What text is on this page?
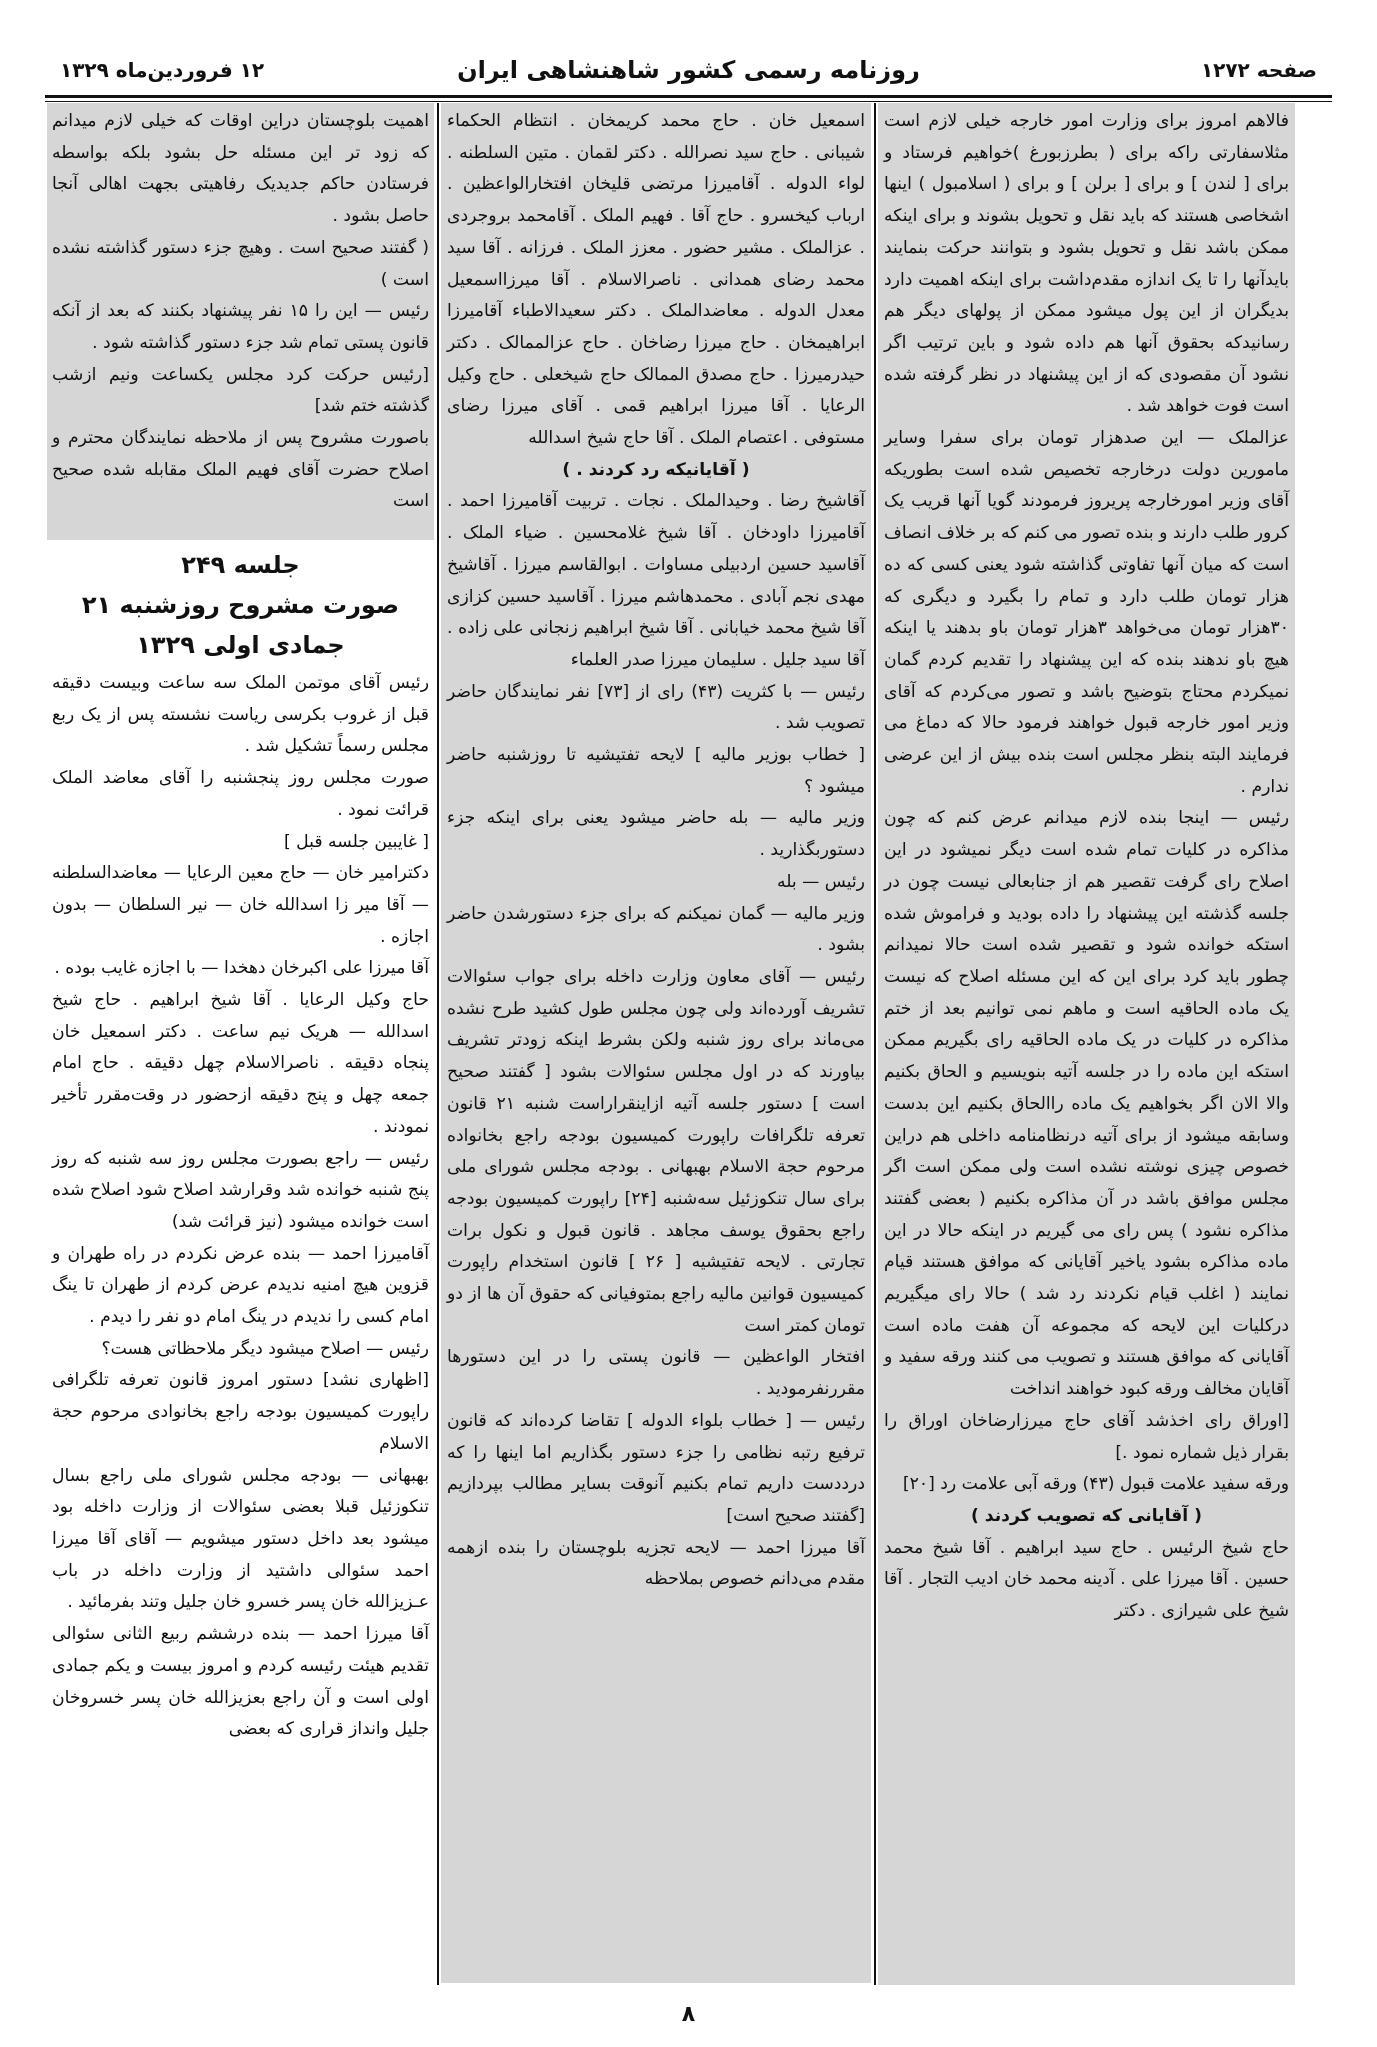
صفحه ۱۲۷۲
روزنامه رسمی کشور شاهنشاهی ایران
۱۲ فروردین‌ماه ۱۳۲۹

فالاهم امروز برای وزارت امور خارجه خیلی لازم است مثلاسفارتی راکه برای ( بطرزبورغ )خواهیم فرستاد و برای [ لندن ] و برای [ برلن ] و برای ( اسلامبول ) اینها اشخاصی هستند که باید نقل و تحویل بشوند و برای اینکه ممکن باشد نقل و تحویل بشود و بتوانند حرکت بنمایند بایدآنها را تا یک اندازه مقدم‌داشت برای اینکه اهمیت دارد بدیگران از این پول میشود ممکن از پولهای دیگر هم رسانیدکه بحقوق آنها هم داده شود و باین ترتیب اگر نشود آن مقصودی که از این پیشنهاد در نظر گرفته شده است فوت خواهد شد .

عزالملک — این صدهزار تومان برای سفرا وسایر مامورین دولت درخارجه تخصیص شده است بطوریکه آقای وزیر امورخارجه پریروز فرمودند گویا آنها قریب یک کرور طلب دارند و بنده تصور می کنم که بر خلاف انصاف است که میان آنها تفاوتی گذاشته شود یعنی کسی که ده هزار تومان طلب دارد و تمام را بگیرد و دیگری که ۳۰هزار تومان می‌خواهد ۳هزار تومان باو بدهند یا اینکه هیچ باو ندهند بنده که این پیشنهاد را تقدیم کردم گمان نمیکردم محتاج بتوضیح باشد و تصور می‌کردم که آقای وزیر امور خارجه قبول خواهند فرمود حالا که دماغ می فرمایند البته بنظر مجلس است بنده بیش از این عرضی ندارم .

رئیس — اینجا بنده لازم میدانم عرض کنم که چون مذاکره در کلیات تمام شده است دیگر نمیشود در این اصلاح رای گرفت تقصیر هم از جنابعالی نیست چون در جلسه گذشته این پیشنهاد را داده بودید و فراموش شده استکه خوانده شود و تقصیر شده است حالا نمیدانم چطور باید کرد برای این که این مسئله اصلاح که نیست یک ماده الحاقیه است و ماهم نمی توانیم بعد از ختم مذاکره در کلیات در یک ماده الحاقیه رای بگیریم ممکن استکه این ماده را در جلسه آتیه بنویسیم و الحاق بکنیم والا الان اگر بخواهیم یک ماده راالحاق بکنیم این بدست وسابقه میشود از برای آتیه درنظامنامه داخلی هم دراین خصوص چیزی نوشته نشده است ولی ممکن است اگر مجلس موافق باشد در آن مذاکره بکنیم ( بعضی گفتند مذاکره نشود ) پس رای می گیریم در اینکه حالا در این ماده مذاکره بشود یاخیر آقایانی که موافق هستند قیام نمایند ( اغلب قیام نکردند رد شد ) حالا رای میگیریم درکلیات این لایحه که مجموعه آن هفت ماده است آقایانی که موافق هستند و تصویب می کنند ورقه سفید و آقایان مخالف ورقه کبود خواهند انداخت

[اوراق رای اخذشد آقای حاج میرزارضاخان اوراق را بقرار ذیل شماره نمود .]

ورقه سفید علامت قبول (۴۳) ورقه آبی علامت رد [۲۰]

( آقایانی که تصویب کردند )

حاج شیخ الرئیس . حاج سید ابراهیم . آقا شیخ محمد حسین . آقا میرزا علی . آدینه محمد خان ادیب التجار . آقا شیخ علی شیرازی . دکتر

اسمعیل خان . حاج محمد کریمخان . انتظام الحکماء شیبانی . حاج سید نصرالله . دکتر لقمان . متین السلطنه . لواء الدوله . آقامیرزا مرتضی قلیخان افتخارالواعظین . ارباب کیخسرو . حاج آقا . فهیم الملک . آقامحمد بروجردی . عزالملک . مشیر حضور . معزز الملک . فرزانه . آقا سید محمد رضای همدانی . ناصرالاسلام . آقا میرزااسمعیل معدل الدوله . معاضدالملک . دکتر سعیدالاطباء آقامیرزا ابراهیمخان . حاج میرزا رضاخان . حاج عزالممالک . دکتر حیدرمیرزا . حاج مصدق الممالک حاج شیخعلی . حاج وکیل الرعایا . آقا میرزا ابراهیم قمی . آقای میرزا رضای مستوفی . اعتصام الملک . آقا حاج شیخ اسدالله

( آقایانیکه رد کردند . )

آقاشیخ رضا . وحیدالملک . نجات . تربیت آقامیرزا احمد . آقامیرزا داودخان . آقا شیخ غلامحسین . ضیاء الملک . آقاسید حسین اردبیلی مساوات . ابوالقاسم میرزا . آقاشیخ مهدی نجم آبادی . محمدهاشم میرزا . آقاسید حسین کزازی آقا شیخ محمد خیابانی . آقا شیخ ابراهیم زنجانی علی زاده . آقا سید جلیل . سلیمان میرزا صدر العلماء

رئیس — با کثریت (۴۳) رای از [۷۳] نفر نمایندگان حاضر تصویب شد .

[ خطاب بوزیر مالیه ] لایحه تفتیشیه تا روزشنبه حاضر میشود ؟

وزیر مالیه — بله حاضر میشود یعنی برای اینکه جزء دستوربگذارید .

رئیس — بله

وزیر مالیه — گمان نمیکنم که برای جزء دستورشدن حاضر بشود .

رئیس — آقای معاون وزارت داخله برای جواب سئوالات تشریف آورده‌اند ولی چون مجلس طول کشید طرح نشده می‌ماند برای روز شنبه ولکن بشرط اینکه زودتر تشریف بیاورند که در اول مجلس سئوالات بشود [ گفتند صحیح است ] دستور جلسه آتیه ازاینقراراست شنبه ۲۱ قانون تعرفه تلگرافات راپورت کمیسیون بودجه راجع بخانواده مرحوم حجة الاسلام بهبهانی . بودجه مجلس شورای ملی برای سال تنکوزئیل سه‌شنبه [۲۴] راپورت کمیسیون بودجه راجع بحقوق یوسف مجاهد . قانون قبول و نکول برات تجارتی . لایحه تفتیشیه [ ۲۶ ] قانون استخدام راپورت کمیسیون قوانین مالیه راجع بمتوفیانی که حقوق آن ها از دو تومان کمتر است

افتخار الواعظین — قانون پستی را در این دستورها مقررنفرمودید .

رئیس — [ خطاب بلواء الدوله ] تقاضا کرده‌اند که قانون ترفیع رتبه نظامی را جزء دستور بگذاریم اما اینها را که درددست داریم تمام بکنیم آنوقت بسایر مطالب بپردازیم [گفتند صحیح است]

آقا میرزا احمد — لایحه تجزیه بلوچستان را بنده ازهمه مقدم می‌دانم خصوص بملاحظه

اهمیت بلوچستان دراین اوقات که خیلی لازم میدانم که زود تر این مسئله حل بشود بلکه بواسطه فرستادن حاکم جدیدیک رفاهیتی بجهت اهالی آنجا حاصل بشود .

( گفتند صحیح است . وهیچ جزء دستور گذاشته نشده است )

رئیس — این را ۱۵ نفر پیشنهاد بکنند که بعد از آنکه قانون پستی تمام شد جزء دستور گذاشته شود .

[رئیس حرکت کرد مجلس یکساعت ونیم ازشب گذشته ختم شد]

باصورت مشروح پس از ملاحظه نمایندگان محترم و اصلاح حضرت آقای فهیم الملک مقابله شده صحیح است

جلسه ۲۴۹
صورت مشروح روزشنبه ۲۱
جمادی اولی ۱۳۲۹

رئیس آقای موتمن الملک سه ساعت وبیست دقیقه قبل از غروب بکرسی ریاست نشسته پس از یک ربع مجلس رسماً تشکیل شد .

صورت مجلس روز پنجشنبه را آقای معاضد الملک قرائت نمود .

[ غایبین جلسه قبل ]

دکترامیر خان — حاج معین الرعایا — معاضدالسلطنه — آقا میر زا اسدالله خان — نیر السلطان — بدون اجازه .

آقا میرزا علی اکبرخان دهخدا — با اجازه غایب بوده .

حاج وکیل الرعایا . آقا شیخ ابراهیم . حاج شیخ اسدالله — هریک نیم ساعت . دکتر اسمعیل خان پنجاه دقیقه . ناصرالاسلام چهل دقیقه . حاج امام جمعه چهل و پنج دقیقه ازحضور در وقت‌مقرر تأخیر نمودند .

رئیس — راجع بصورت مجلس روز سه شنبه که روز پنج شنبه خوانده شد وقرارشد اصلاح شود اصلاح شده است خوانده میشود (نیز قرائت شد)

آقامیرزا احمد — بنده عرض نکردم در راه طهران و قزوین هیچ امنیه ندیدم عرض کردم از طهران تا ینگ امام کسی را ندیدم در ینگ امام دو نفر را دیدم .

رئیس — اصلاح میشود دیگر ملاحظاتی هست؟

[اظهاری نشد] دستور امروز قانون تعرفه تلگرافی راپورت کمیسیون بودجه راجع بخانوادی مرحوم حجة الاسلام

بهبهانی — بودجه مجلس شورای ملی راجع بسال تنکوزئیل قبلا بعضی سئوالات از وزارت داخله بود میشود بعد داخل دستور میشویم — آقای آقا میرزا احمد سئوالی داشتید از وزارت داخله در باب عـزیزالله خان پسر خسرو خان جلیل وتند بفرمائید .

آقا میرزا احمد — بنده درششم ربیع الثانی سئوالی تقدیم هیئت رئیسه کردم و امروز بیست و یکم جمادی اولی است و آن راجع بعزیزالله خان پسر خسروخان جلیل وانداز قراری که بعضی

۸
